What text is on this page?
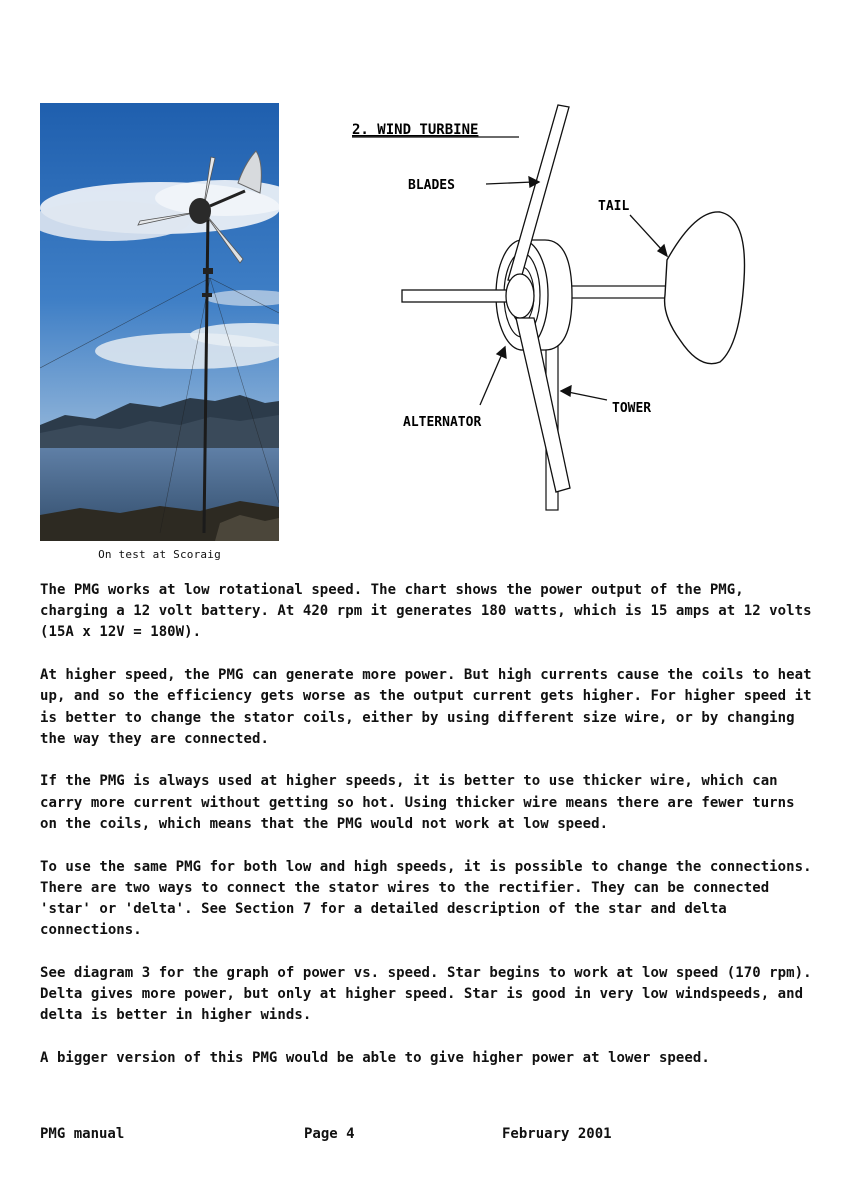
On test at Scoraig
2. WIND TURBINE
BLADES
TAIL
TOWER
ALTERNATOR

The PMG works at low rotational speed. The chart shows the power output of the PMG, charging a 12 volt battery. At 420 rpm it generates 180 watts, which is 15 amps at 12 volts (15A x 12V = 180W).

At higher speed, the PMG can generate more power. But high currents cause the coils to heat up, and so the efficiency gets worse as the output current gets higher. For higher speed it is better to change the stator coils, either by using different size wire, or by changing the way they are connected.

If the PMG is always used at higher speeds, it is better to use thicker wire, which can carry more current without getting so hot. Using thicker wire means there are fewer turns on the coils, which means that the PMG would not work at low speed.

To use the same PMG for both low and high speeds, it is possible to change the connections. There are two ways to connect the stator wires to the rectifier. They can be connected 'star' or 'delta'. See Section 7 for a detailed description of the star and delta connections.

See diagram 3 for the graph of power vs. speed. Star begins to work at low speed (170 rpm). Delta gives more power, but only at higher speed. Star is good in very low windspeeds, and delta is better in higher winds.

A bigger version of this PMG would be able to give higher power at lower speed.

PMG manual	Page 4	February 2001
